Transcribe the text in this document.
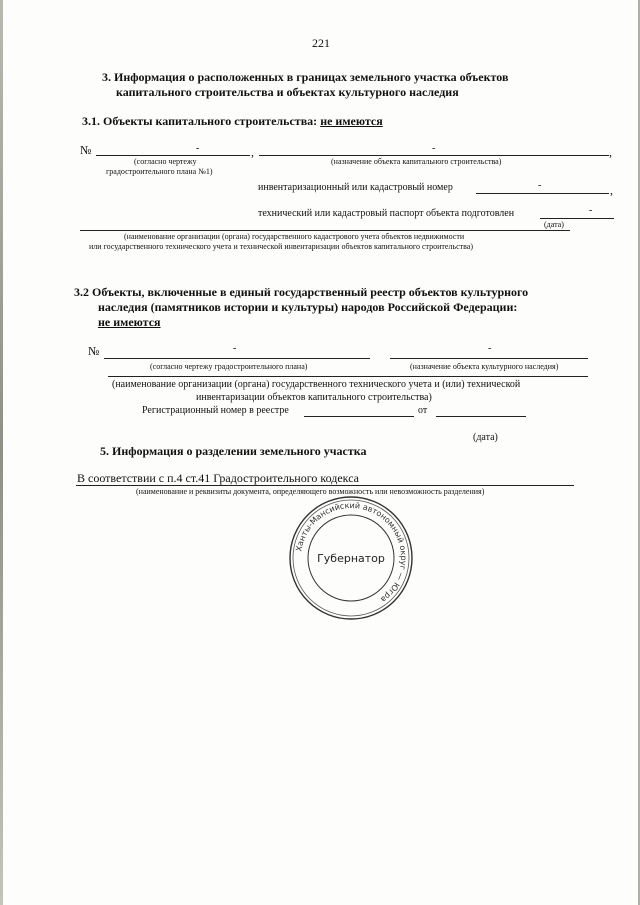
221
3. Информация о расположенных в границах земельного участка объектов
капитального строительства и объектах культурного наследия
3.1. Объекты капитального строительства: не имеются
№	-	,	-	,
(согласно чертежу
градостроительного плана №1)
(назначение объекта капитального строительства)
инвентаризационный или кадастровый номер	-	,
технический или кадастровый паспорт объекта подготовлен	-
(дата)
(наименование организации (органа) государственного кадастрового учета объектов недвижимости
или государственного технического учета и технической инвентаризации объектов капитального строительства)
3.2 Объекты, включенные в единый государственный реестр объектов культурного
наследия (памятников истории и культуры) народов Российской Федерации:
не имеются
№	-	-
(согласно чертежу градостроительного плана)	(назначение объекта культурного наследия)
(наименование организации (органа) государственного технического учета и (или) технической
инвентаризации объектов капитального строительства)
Регистрационный номер в реестре	от
(дата)
5. Информация о разделении земельного участка
В соответствии с п.4 ст.41 Градостроительного кодекса
(наименование и реквизиты документа, определяющего возможность или невозможность разделения)
Ханты-Мансийский автономный округ — Югра
Губернатор
